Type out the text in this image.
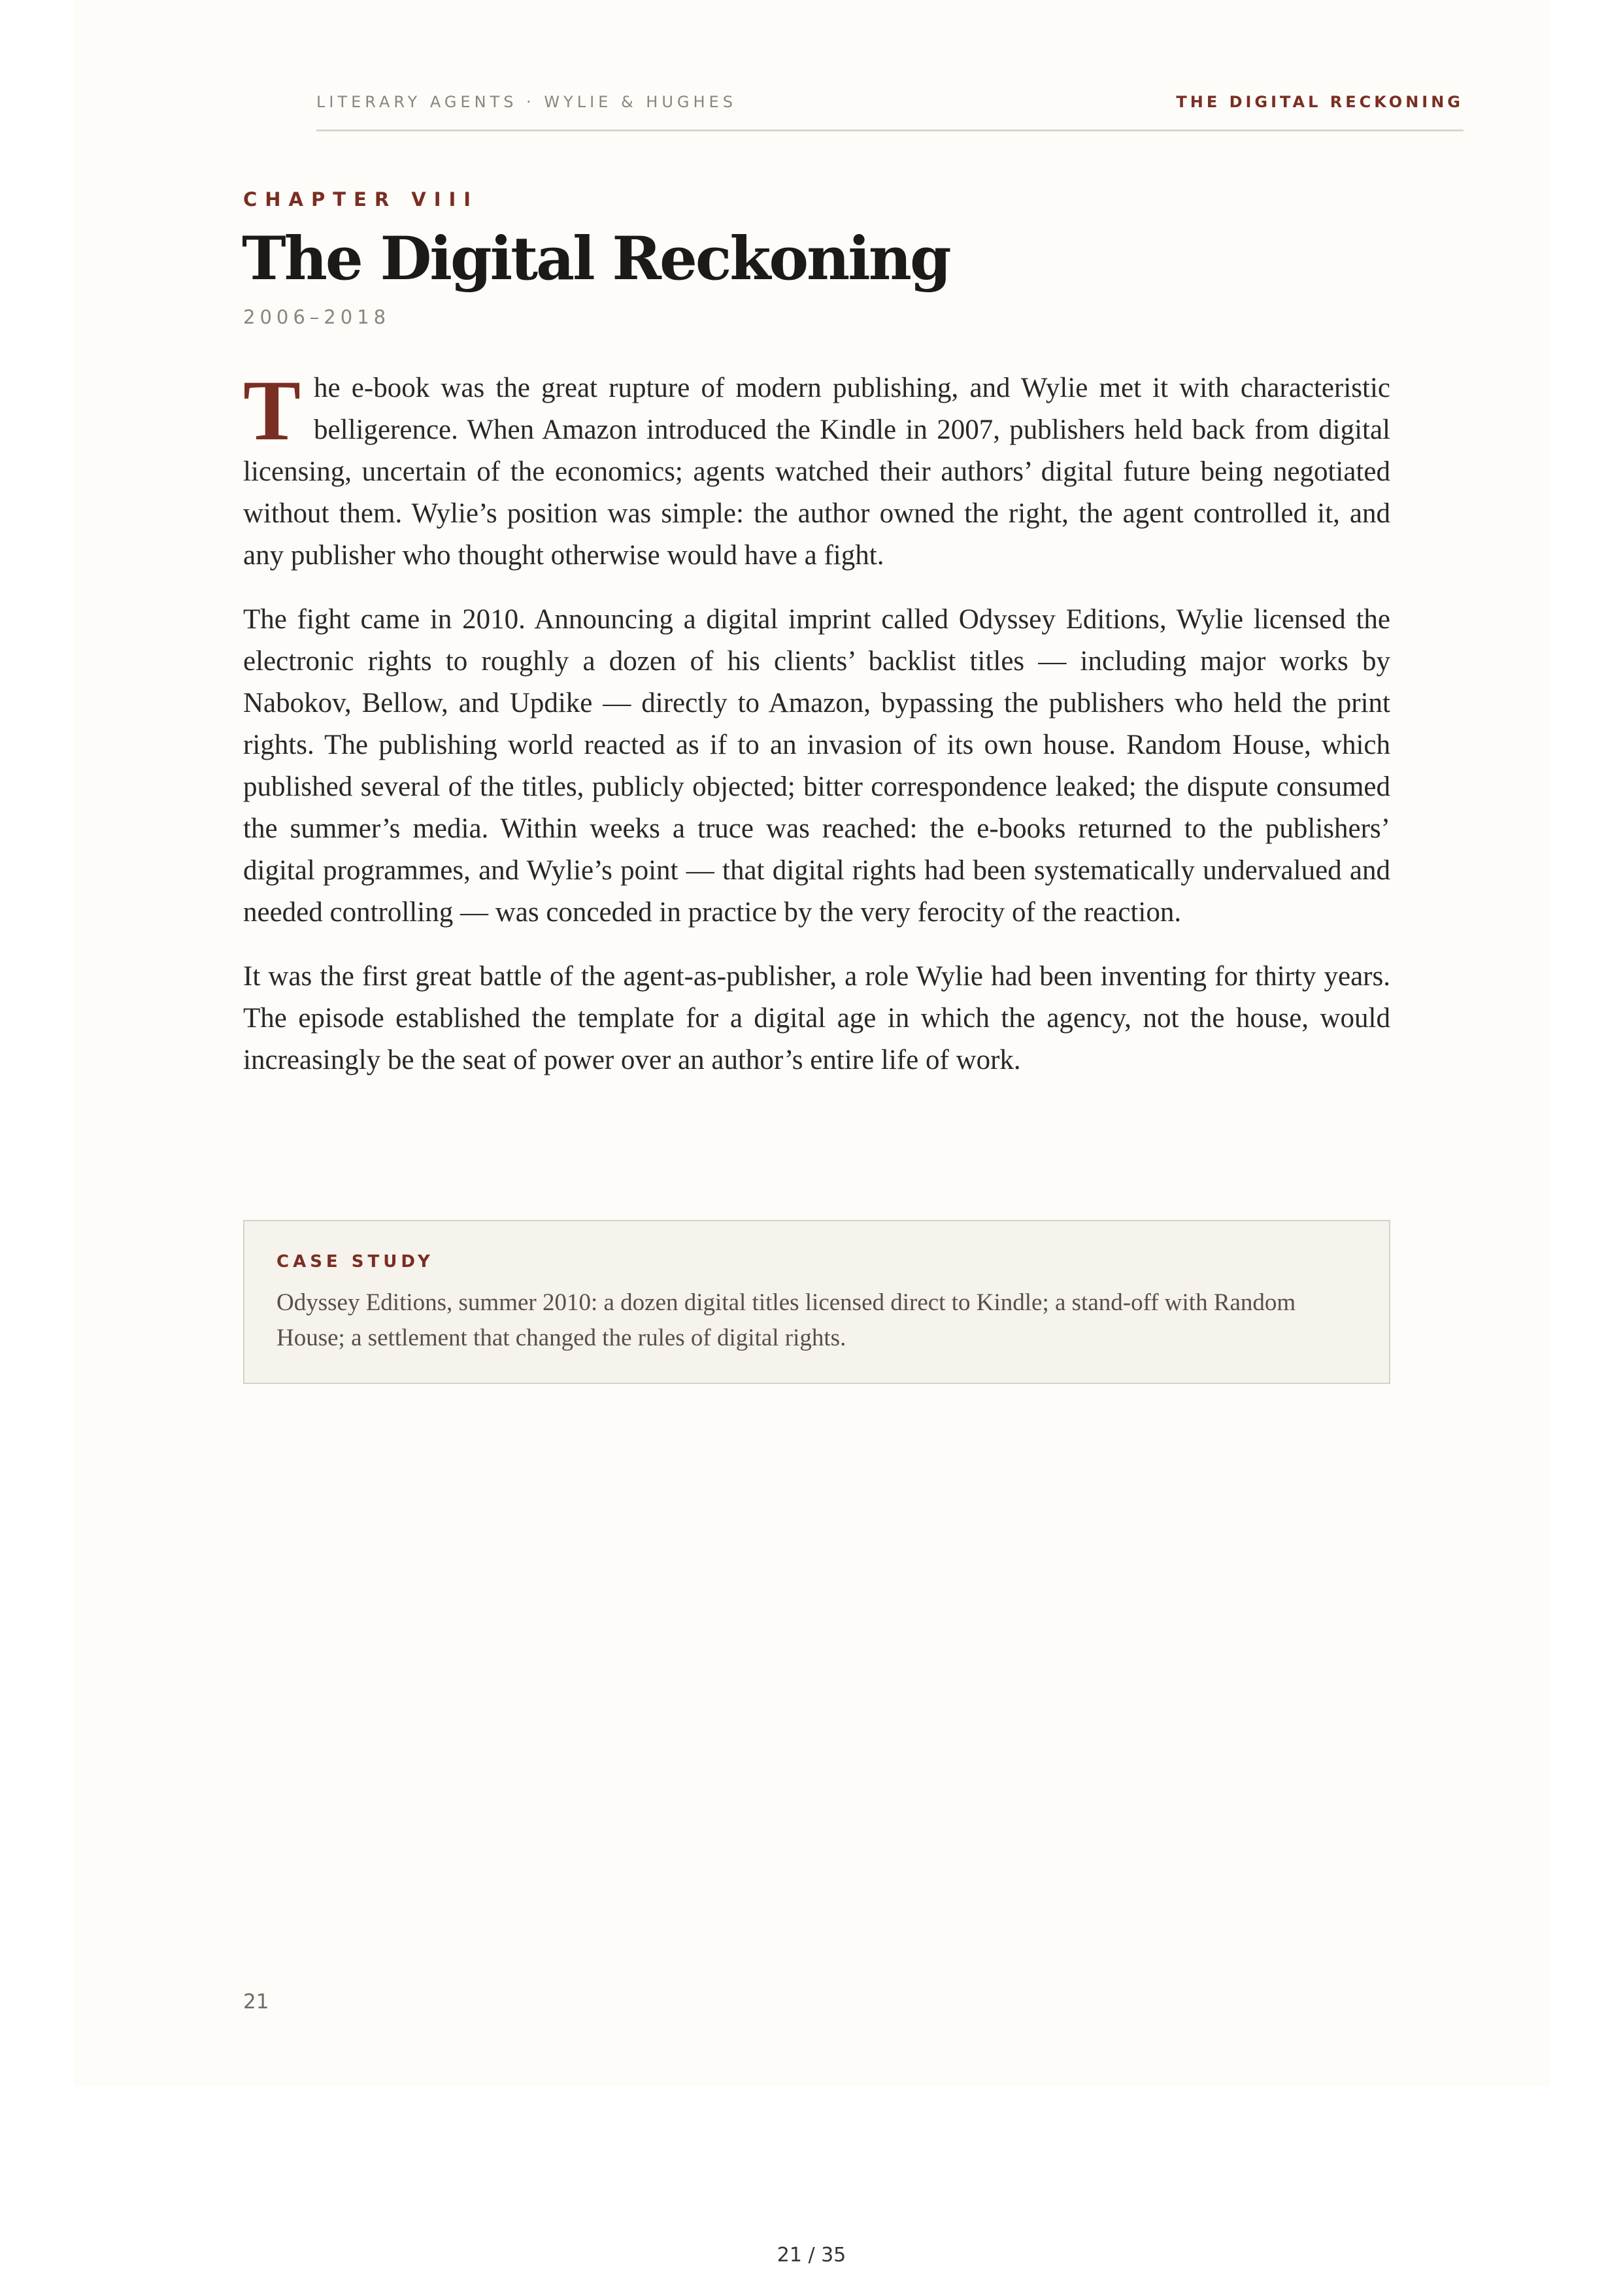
LITERARY AGENTS · WYLIE & HUGHES	THE DIGITAL RECKONING
CHAPTER VIII
The Digital Reckoning
2006–2018

The e-book was the great rupture of modern publishing, and Wylie met it with characteristic belligerence. When Amazon introduced the Kindle in 2007, publishers held back from digital licensing, uncertain of the economics; agents watched their authors’ digital future being negotiated without them. Wylie’s position was simple: the author owned the right, the agent controlled it, and any publisher who thought otherwise would have a fight.

The fight came in 2010. Announcing a digital imprint called Odyssey Editions, Wylie licensed the electronic rights to roughly a dozen of his clients’ backlist titles — including major works by Nabokov, Bellow, and Updike — directly to Amazon, bypassing the publishers who held the print rights. The publishing world reacted as if to an invasion of its own house. Random House, which published several of the titles, publicly objected; bitter correspondence leaked; the dispute consumed the summer’s media. Within weeks a truce was reached: the e-books returned to the publishers’ digital programmes, and Wylie’s point — that digital rights had been systematically undervalued and needed controlling — was conceded in practice by the very ferocity of the reaction.

It was the first great battle of the agent-as-publisher, a role Wylie had been inventing for thirty years. The episode established the template for a digital age in which the agency, not the house, would increasingly be the seat of power over an author’s entire life of work.

CASE STUDY
Odyssey Editions, summer 2010: a dozen digital titles licensed direct to Kindle; a stand-off with Random House; a settlement that changed the rules of digital rights.
21
21 / 35
